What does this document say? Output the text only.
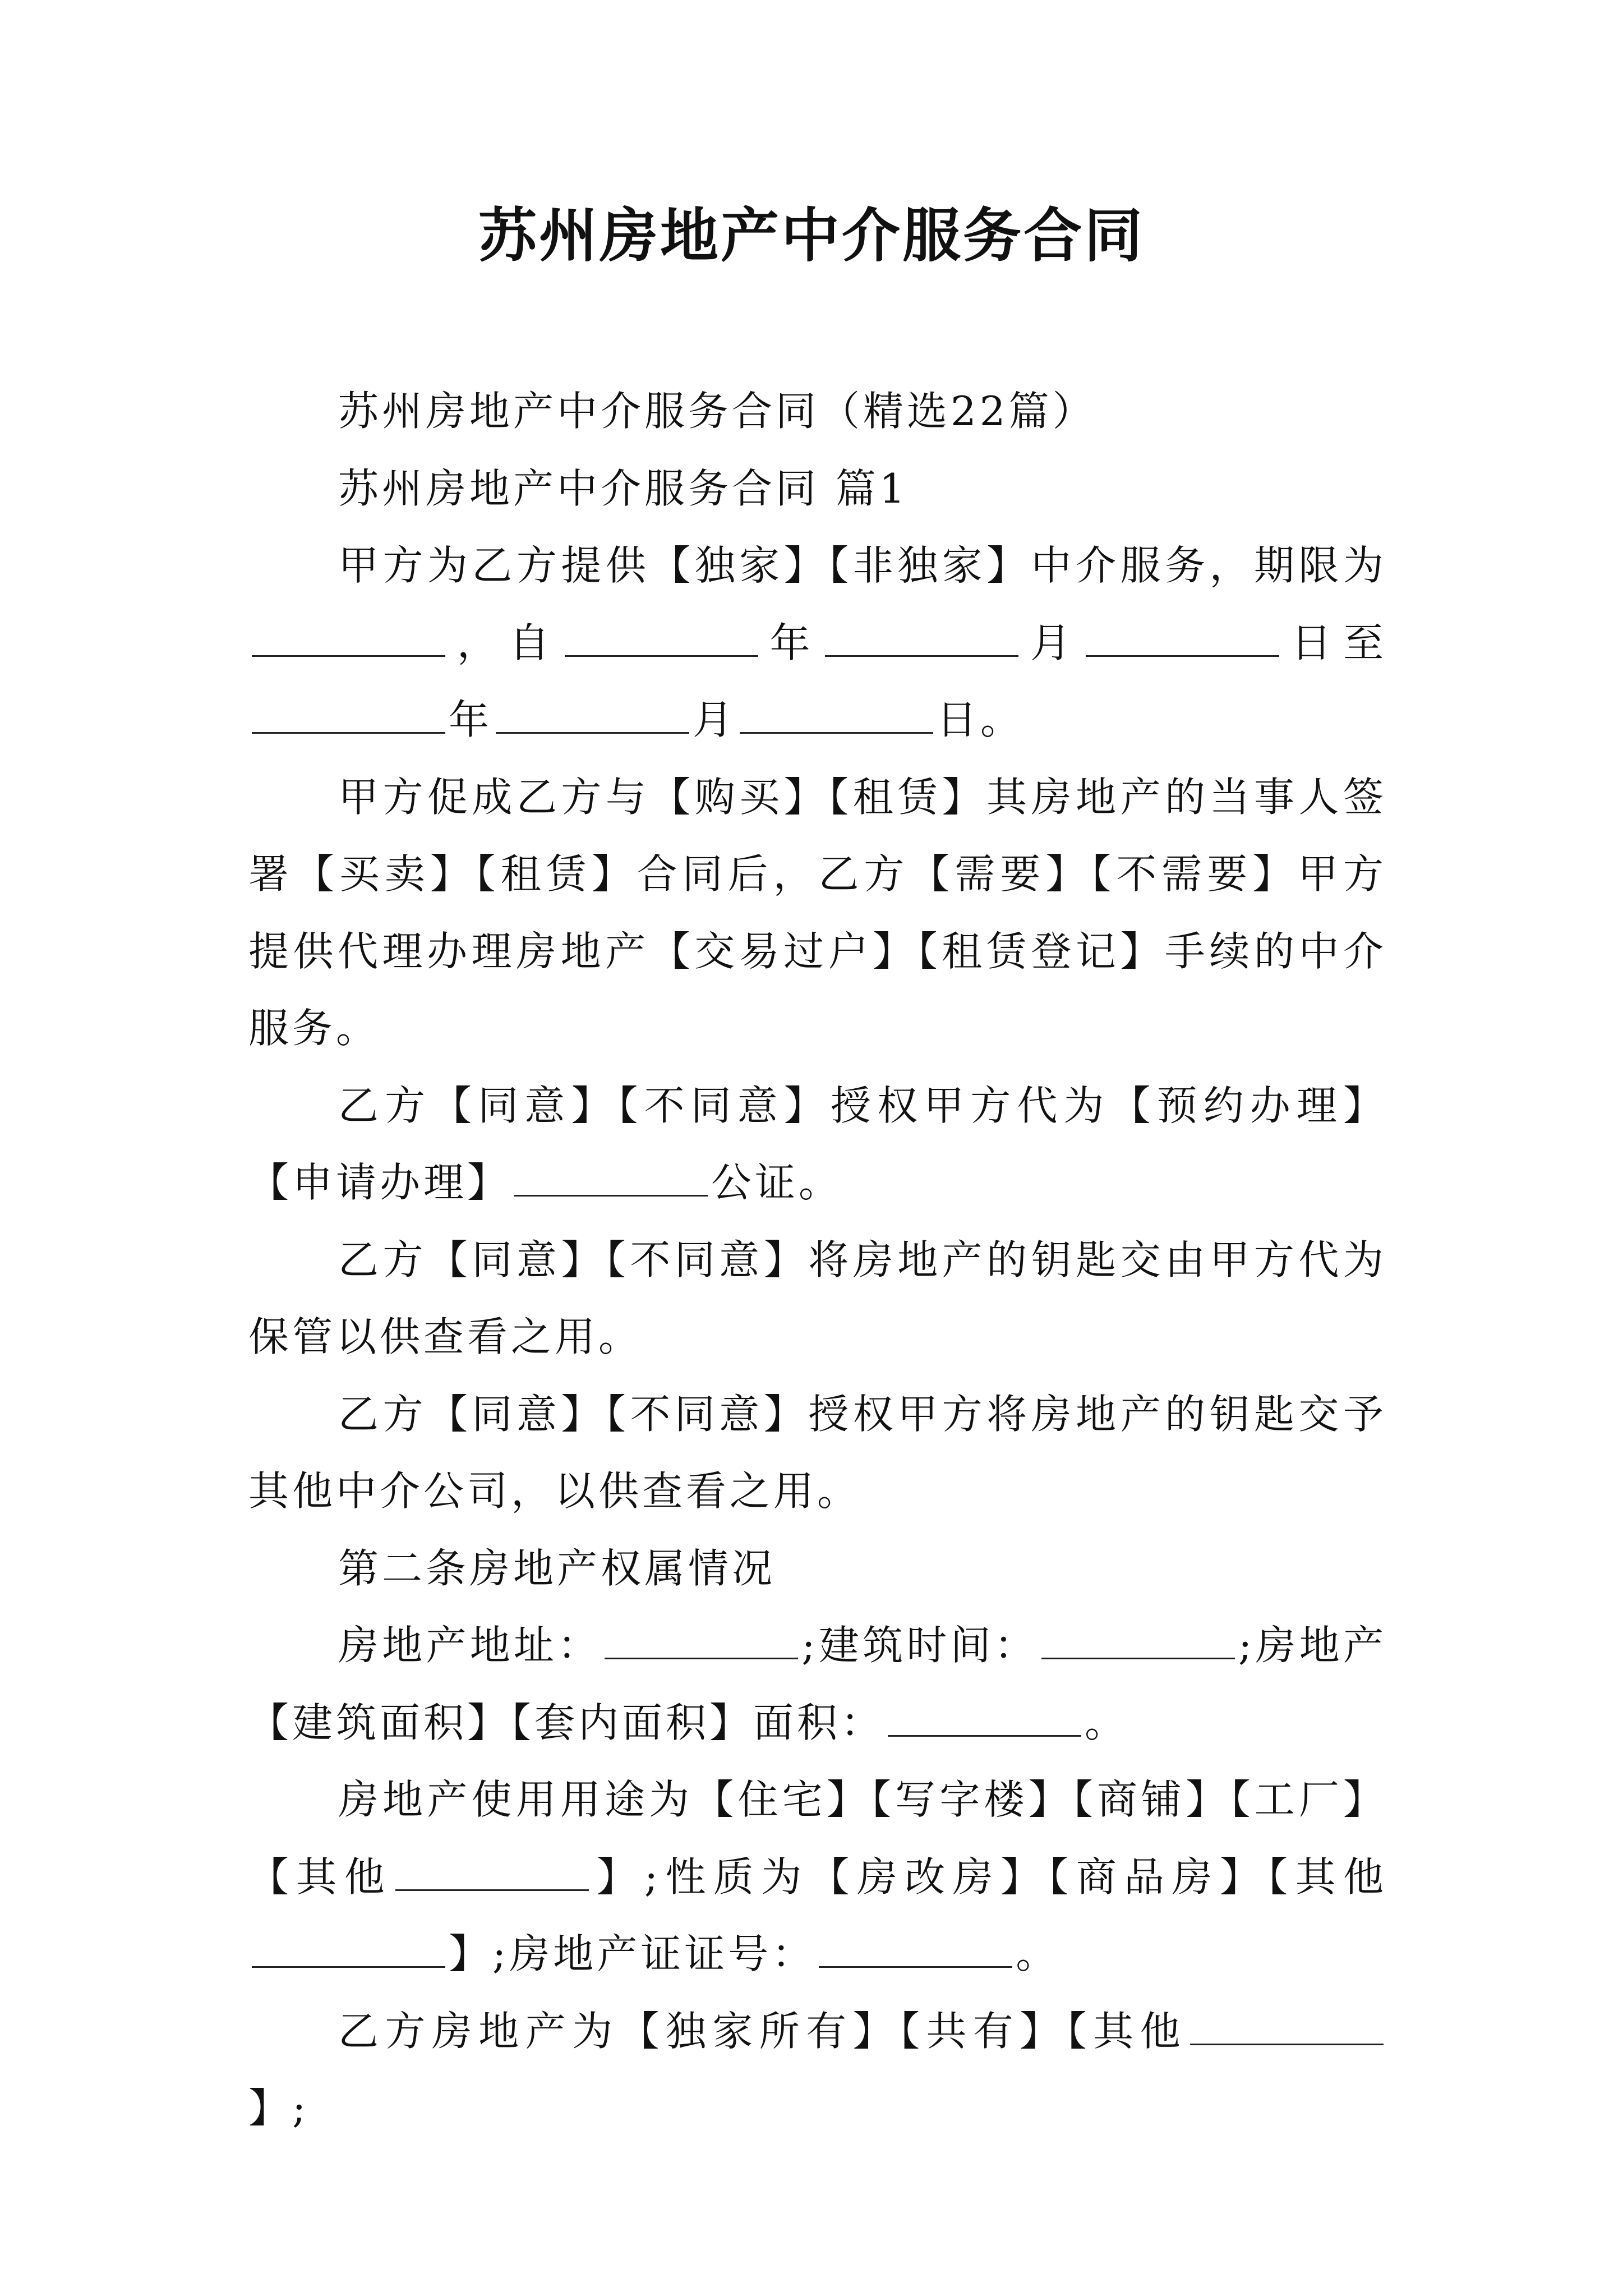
苏州房地产中介服务合同

苏州房地产中介服务合同（精选22篇）

苏州房地产中介服务合同 篇1

甲方为乙方提供【独家】【非独家】中介服务，期限为，自	年	月	日至年	月	日。

甲方促成乙方与【购买】【租赁】其房地产的当事人签署【买卖】【租赁】合同后，乙方【需要】【不需要】甲方提供代理办理房地产【交易过户】【租赁登记】手续的中介服务。

乙方【同意】【不同意】授权甲方代为【预约办理】【申请办理】	公证。

乙方【同意】【不同意】将房地产的钥匙交由甲方代为保管以供查看之用。

乙方【同意】【不同意】授权甲方将房地产的钥匙交予其他中介公司，以供查看之用。

第二条房地产权属情况

房地产地址：	;建筑时间：	;房地产【建筑面积】【套内面积】面积：	。

房地产使用用途为【住宅】【写字楼】【商铺】【工厂】【其他	】;性质为【房改房】【商品房】【其他】;房地产证证号：	。

乙方房地产为【独家所有】【共有】【其他】;
